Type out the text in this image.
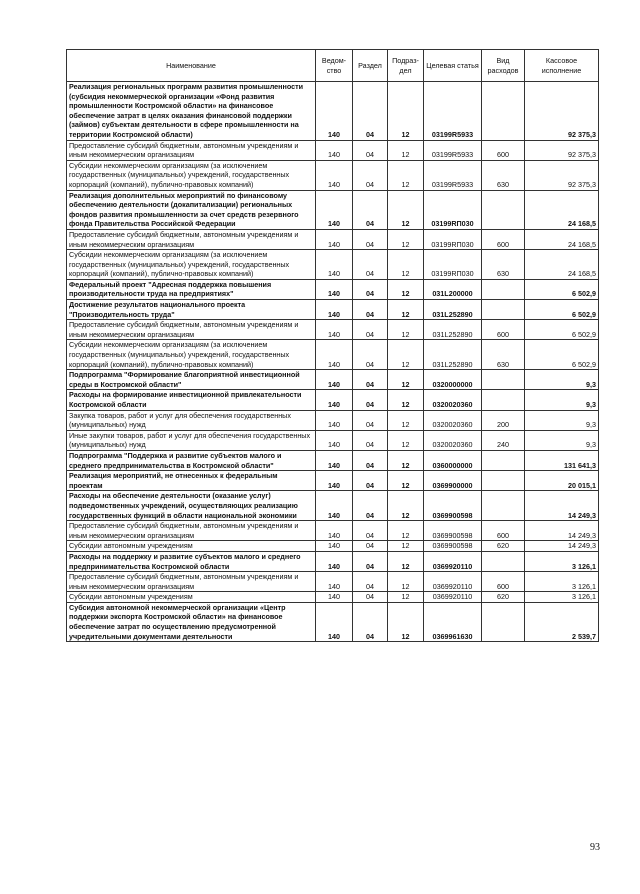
Наименование	Ведом-ство	Раздел	Подраз-дел	Целевая статья	Вид расходов	Кассовое исполнение
Реализация региональных программ развития промышленности (субсидия некоммерческой организации «Фонд развития промышленности Костромской области» на финансовое обеспечение затрат в целях оказания финансовой поддержки (займов) субъектам деятельности в сфере промышленности на территории Костромской области)	140	04	12	03199R5933		92 375,3
Предоставление субсидий бюджетным, автономным учреждениям и иным некоммерческим организациям	140	04	12	03199R5933	600	92 375,3
Субсидии некоммерческим организациям (за исключением государственных (муниципальных) учреждений, государственных корпораций (компаний), публично-правовых компаний)	140	04	12	03199R5933	630	92 375,3
Реализация дополнительных мероприятий по финансовому обеспечению деятельности (докапитализации) региональных фондов развития промышленности за счет средств резервного фонда Правительства Российской Федерации	140	04	12	03199RП030		24 168,5
Предоставление субсидий бюджетным, автономным учреждениям и иным некоммерческим организациям	140	04	12	03199RП030	600	24 168,5
Субсидии некоммерческим организациям (за исключением государственных (муниципальных) учреждений, государственных корпораций (компаний), публично-правовых компаний)	140	04	12	03199RП030	630	24 168,5
Федеральный проект "Адресная поддержка повышения производительности труда на предприятиях"	140	04	12	031L200000		6 502,9
Достижение результатов национального проекта "Производительность труда"	140	04	12	031L252890		6 502,9
Предоставление субсидий бюджетным, автономным учреждениям и иным некоммерческим организациям	140	04	12	031L252890	600	6 502,9
Субсидии некоммерческим организациям (за исключением государственных (муниципальных) учреждений, государственных корпораций (компаний), публично-правовых компаний)	140	04	12	031L252890	630	6 502,9
Подпрограмма "Формирование благоприятной инвестиционной среды в Костромской области"	140	04	12	0320000000		9,3
Расходы на формирование инвестиционной привлекательности Костромской области	140	04	12	0320020360		9,3
Закупка товаров, работ и услуг для обеспечения государственных (муниципальных) нужд	140	04	12	0320020360	200	9,3
Иные закупки товаров, работ и услуг для обеспечения государственных (муниципальных) нужд	140	04	12	0320020360	240	9,3
Подпрограмма "Поддержка и развитие субъектов малого и среднего предпринимательства в Костромской области"	140	04	12	0360000000		131 641,3
Реализация мероприятий, не отнесенных к федеральным проектам	140	04	12	0369900000		20 015,1
Расходы на обеспечение деятельности (оказание услуг) подведомственных учреждений, осуществляющих реализацию государственных функций в области национальной экономики	140	04	12	0369900598		14 249,3
Предоставление субсидий бюджетным, автономным учреждениям и иным некоммерческим организациям	140	04	12	0369900598	600	14 249,3
Субсидии автономным учреждениям	140	04	12	0369900598	620	14 249,3
Расходы на поддержку и развитие субъектов малого и среднего предпринимательства Костромской области	140	04	12	0369920110		3 126,1
Предоставление субсидий бюджетным, автономным учреждениям и иным некоммерческим организациям	140	04	12	0369920110	600	3 126,1
Субсидии автономным учреждениям	140	04	12	0369920110	620	3 126,1
Субсидия автономной некоммерческой организации «Центр поддержки экспорта Костромской области» на финансовое обеспечение затрат по осуществлению предусмотренной учредительными документами деятельности	140	04	12	0369961630		2 539,7
93
